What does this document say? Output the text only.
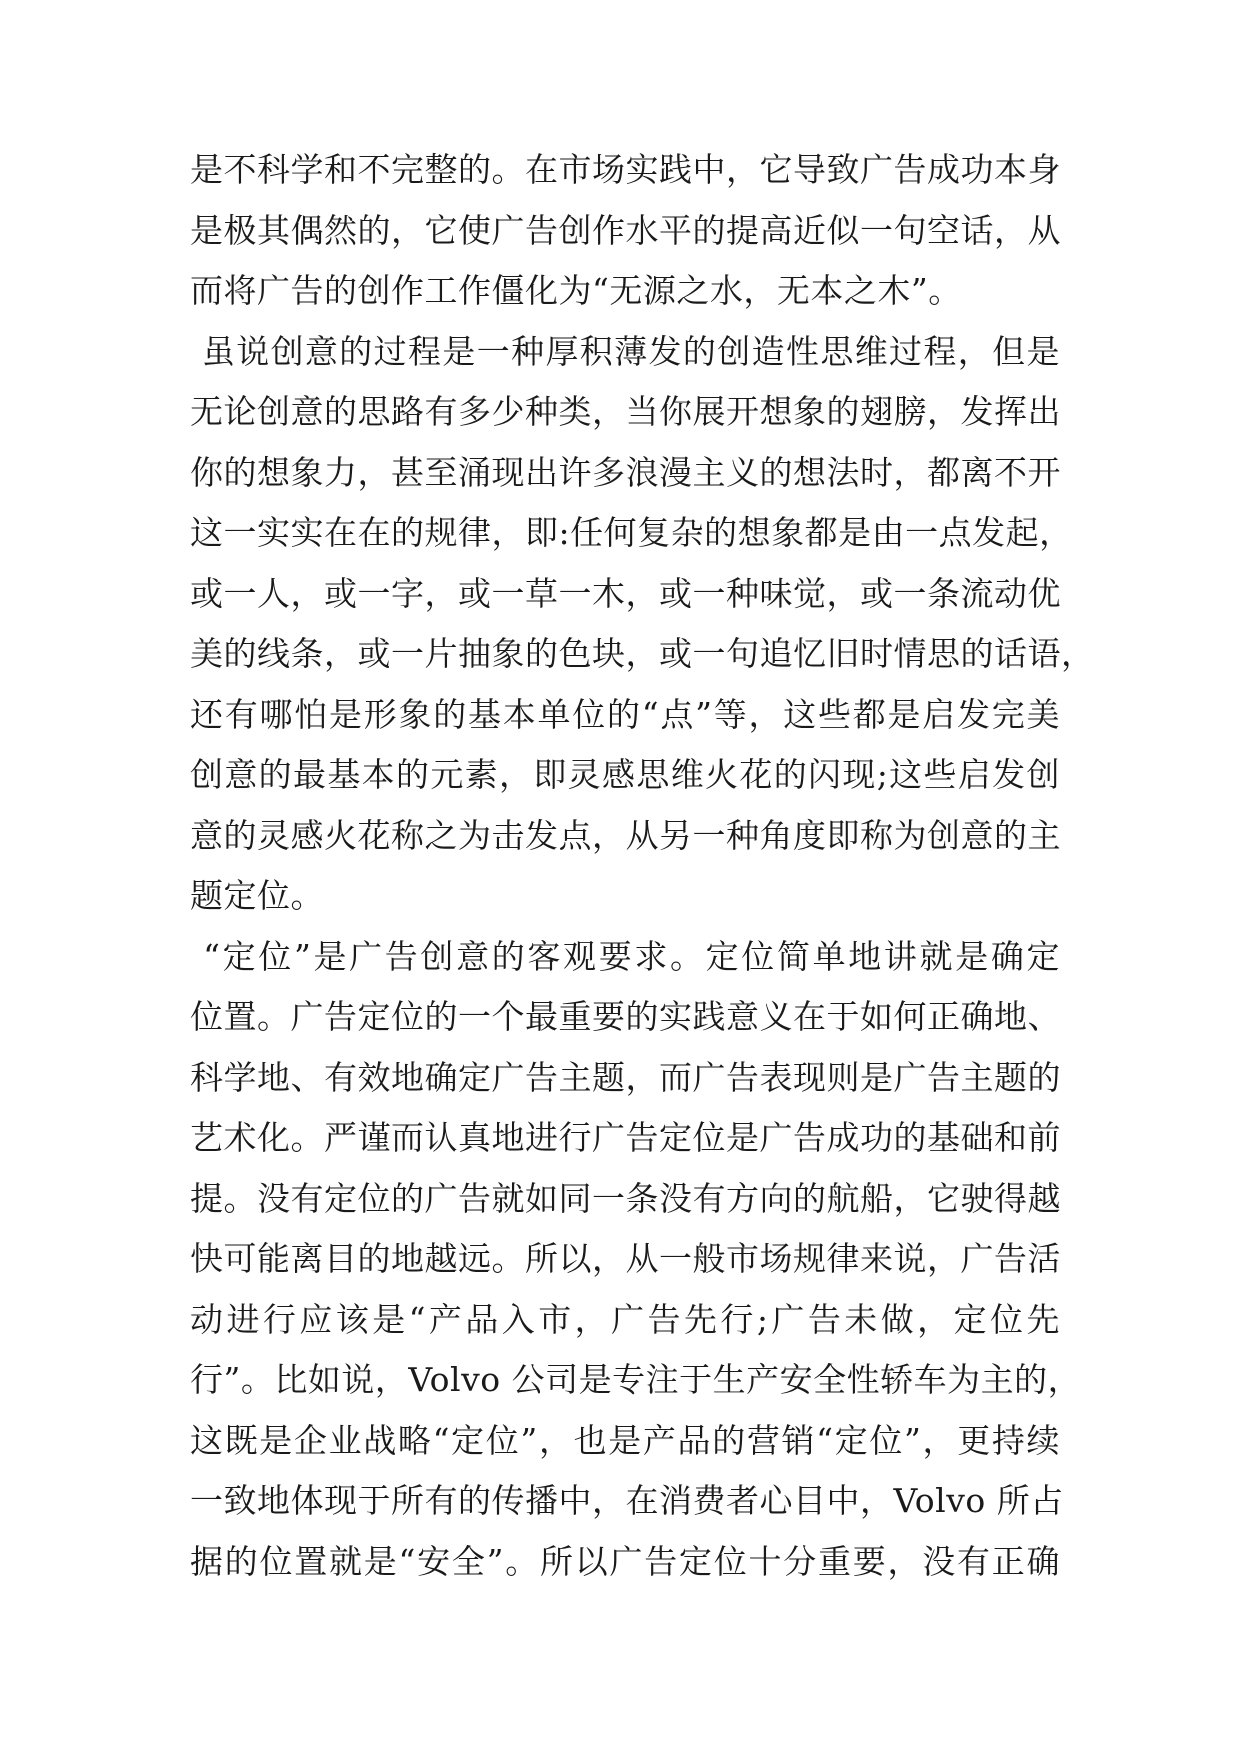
是不科学和不完整的。在市场实践中，它导致广告成功本身
是极其偶然的，它使广告创作水平的提高近似一句空话，从
而将广告的创作工作僵化为“无源之水，无本之木”。
虽说创意的过程是一种厚积薄发的创造性思维过程，但是
无论创意的思路有多少种类，当你展开想象的翅膀，发挥出
你的想象力，甚至涌现出许多浪漫主义的想法时，都离不开
这一实实在在的规律，即:任何复杂的想象都是由一点发起，
或一人，或一字，或一草一木，或一种味觉，或一条流动优
美的线条，或一片抽象的色块，或一句追忆旧时情思的话语，
还有哪怕是形象的基本单位的“点”等，这些都是启发完美
创意的最基本的元素，即灵感思维火花的闪现;这些启发创
意的灵感火花称之为击发点，从另一种角度即称为创意的主
题定位。
“定位”是广告创意的客观要求。定位简单地讲就是确定
位置。广告定位的一个最重要的实践意义在于如何正确地、
科学地、有效地确定广告主题，而广告表现则是广告主题的
艺术化。严谨而认真地进行广告定位是广告成功的基础和前
提。没有定位的广告就如同一条没有方向的航船，它驶得越
快可能离目的地越远。所以，从一般市场规律来说，广告活
动进行应该是“产品入市，广告先行;广告未做，定位先
行”。比如说，Volvo 公司是专注于生产安全性轿车为主的，
这既是企业战略“定位”，也是产品的营销“定位”，更持续
一致地体现于所有的传播中，在消费者心目中，Volvo 所占
据的位置就是“安全”。所以广告定位十分重要，没有正确
